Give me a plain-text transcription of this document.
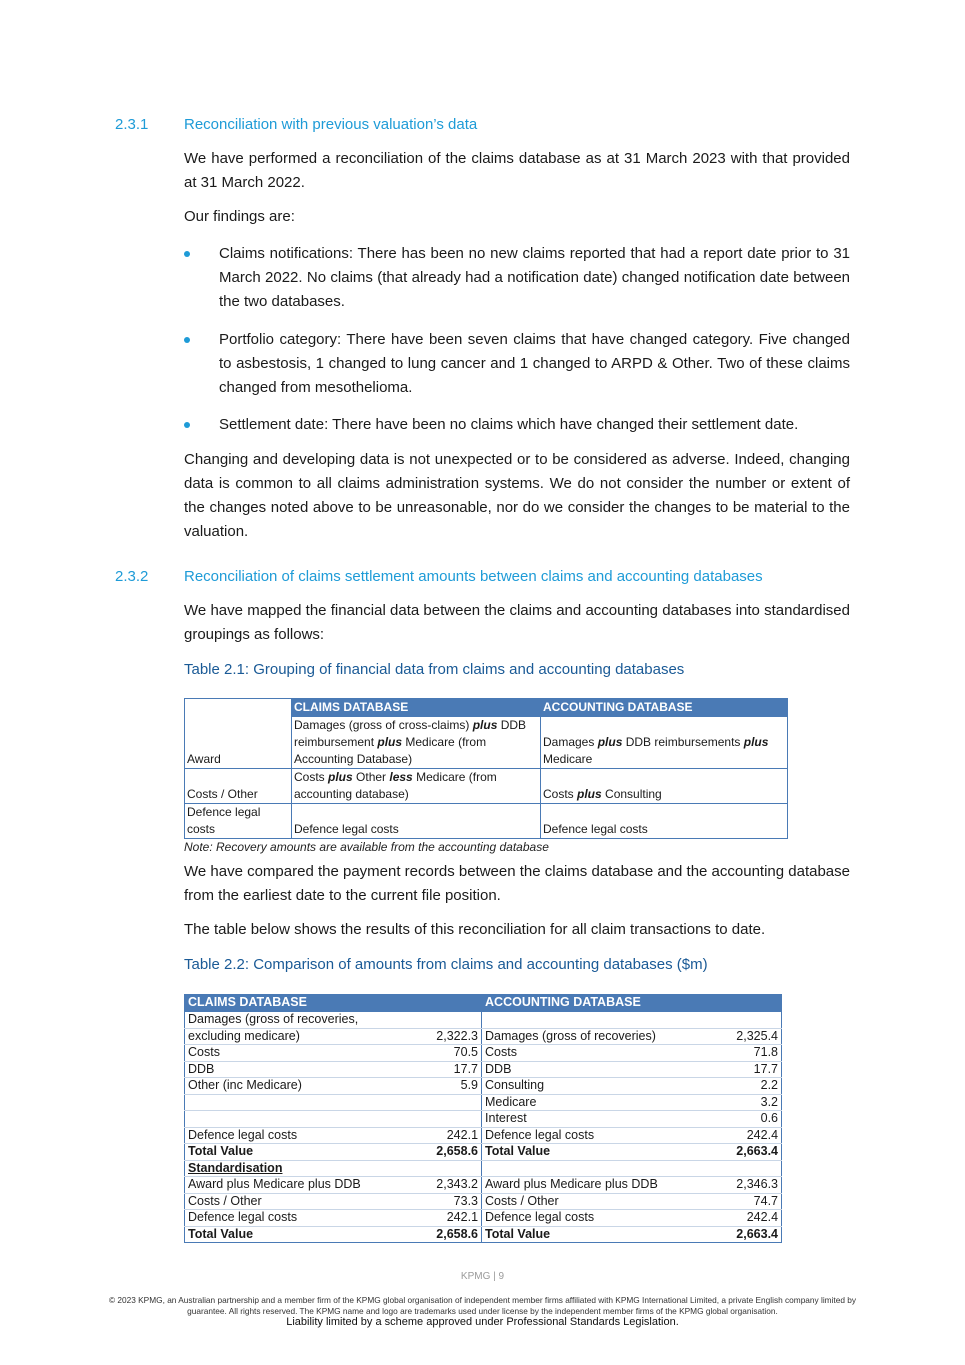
2.3.1 Reconciliation with previous valuation’s data
We have performed a reconciliation of the claims database as at 31 March 2023 with that provided at 31 March 2022.
Our findings are:
Claims notifications: There has been no new claims reported that had a report date prior to 31 March 2022. No claims (that already had a notification date) changed notification date between the two databases.
Portfolio category: There have been seven claims that have changed category. Five changed to asbestosis, 1 changed to lung cancer and 1 changed to ARPD & Other. Two of these claims changed from mesothelioma.
Settlement date: There have been no claims which have changed their settlement date.
Changing and developing data is not unexpected or to be considered as adverse. Indeed, changing data is common to all claims administration systems. We do not consider the number or extent of the changes noted above to be unreasonable, nor do we consider the changes to be material to the valuation.
2.3.2 Reconciliation of claims settlement amounts between claims and accounting databases
We have mapped the financial data between the claims and accounting databases into standardised groupings as follows:
Table 2.1: Grouping of financial data from claims and accounting databases
	CLAIMS DATABASE	ACCOUNTING DATABASE
Award	Damages (gross of cross-claims) plus DDB reimbursement plus Medicare (from Accounting Database)	Damages plus DDB reimbursements plus Medicare
Costs / Other	Costs plus Other less Medicare (from accounting database)	Costs plus Consulting
Defence legal costs	Defence legal costs	Defence legal costs
Note: Recovery amounts are available from the accounting database
We have compared the payment records between the claims database and the accounting database from the earliest date to the current file position.
The table below shows the results of this reconciliation for all claim transactions to date.
Table 2.2: Comparison of amounts from claims and accounting databases ($m)
CLAIMS DATABASE		ACCOUNTING DATABASE	
Damages (gross of recoveries,			
excluding medicare)	2,322.3	Damages (gross of recoveries)	2,325.4
Costs	70.5	Costs	71.8
DDB	17.7	DDB	17.7
Other (inc Medicare)	5.9	Consulting	2.2
		Medicare	3.2
		Interest	0.6
Defence legal costs	242.1	Defence legal costs	242.4
Total Value	2,658.6	Total Value	2,663.4
Standardisation			
Award plus Medicare plus DDB	2,343.2	Award plus Medicare plus DDB	2,346.3
Costs / Other	73.3	Costs / Other	74.7
Defence legal costs	242.1	Defence legal costs	242.4
Total Value	2,658.6	Total Value	2,663.4
KPMG | 9
© 2023 KPMG, an Australian partnership and a member firm of the KPMG global organisation of independent member firms affiliated with KPMG International Limited, a private English company limited by guarantee. All rights reserved. The KPMG name and logo are trademarks used under license by the independent member firms of the KPMG global organisation.
Liability limited by a scheme approved under Professional Standards Legislation.
